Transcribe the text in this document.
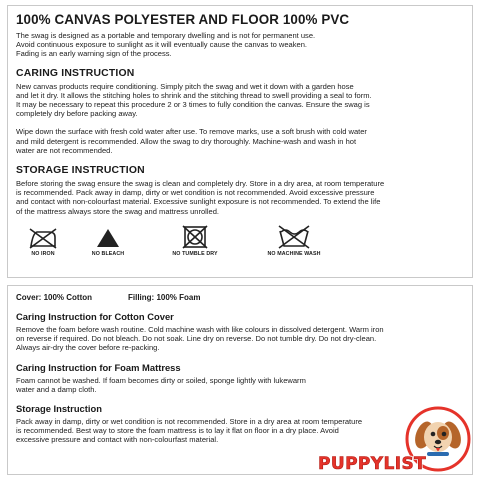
100% CANVAS POLYESTER AND FLOOR 100% PVC
The swag is designed as a portable and temporary dwelling and is not for permanent use.
Avoid continuous exposure to sunlight as it will eventually cause the canvas to weaken.
Fading is an early warning sign of the process.
CARING INSTRUCTION
New canvas products require conditioning. Simply pitch the swag and wet it down with a garden hose
and let it dry. It allows the stitching holes to shrink and the stitching thread to swell providing a seal to form.
It may be necessary to repeat this procedure 2 or 3 times to fully condition the canvas. Ensure the swag is
completely dry before packing away.
Wipe down the surface with fresh cold water after use. To remove marks, use a soft brush with cold water
and mild detergent is recommended. Allow the swag to dry thoroughly. Machine-wash and wash in hot
water are not recommended.
STORAGE INSTRUCTION
Before storing the swag ensure the swag is clean and completely dry. Store in a dry area, at room temperature
is recommended. Pack away in damp, dirty or wet condition is not recommended. Avoid excessive pressure
and contact with non-colourfast material. Excessive sunlight exposure is not recommended. To extend the life
of the mattress always store the swag and mattress unrolled.
NO IRON	NO BLEACH	NO TUMBLE DRY	NO MACHINE WASH
Cover: 100% Cotton	Filling: 100% Foam
Caring Instruction for Cotton Cover
Remove the foam before wash routine. Cold machine wash with like colours in dissolved detergent. Warm iron
on reverse if required. Do not bleach. Do not soak. Line dry on reverse. Do not tumble dry. Do not dry-clean.
Always air-dry the cover before re-packing.
Caring Instruction for Foam Mattress
Foam cannot be washed. If foam becomes dirty or soiled, sponge lightly with lukewarm
water and a damp cloth.
Storage Instruction
Pack away in damp, dirty or wet condition is not recommended. Store in a dry area at room temperature
is recommended. Best way to store the foam mattress is to lay it flat on floor in a dry place. Avoid
excessive pressure and contact with non-colourfast material.
PUPPYLIST
